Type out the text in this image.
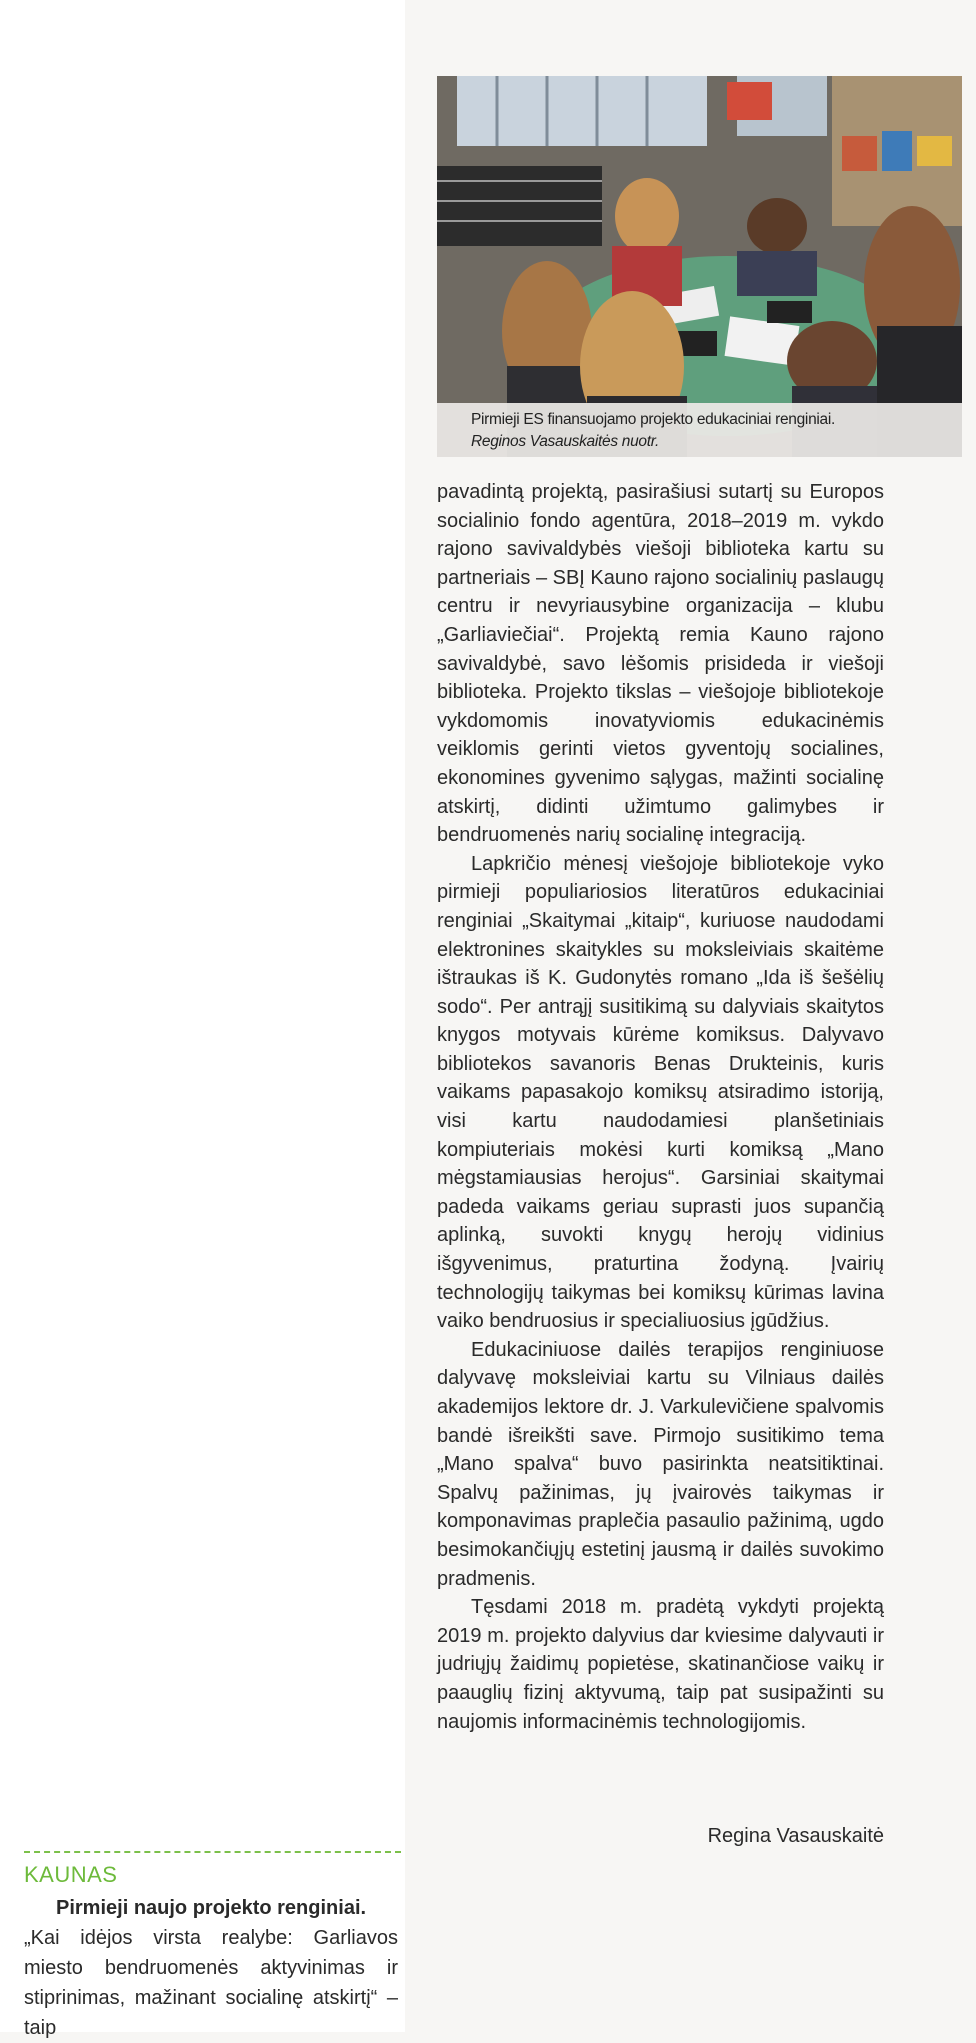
Pirmieji ES finansuojamo projekto edukaciniai renginiai.
Reginos Vasauskaitės nuotr.

pavadintą projektą, pasirašiusi sutartį su Europos socialinio fondo agentūra, 2018–2019 m. vykdo rajono savivaldybės viešoji biblioteka kartu su partneriais – SBĮ Kauno rajono socialinių paslaugų centru ir nevyriausybine organizacija – klubu „Garliaviečiai“. Projektą remia Kauno rajono savivaldybė, savo lėšomis prisideda ir viešoji biblioteka. Projekto tikslas – viešojoje bibliotekoje vykdomomis inovatyviomis edukacinėmis veiklomis gerinti vietos gyventojų socialines, ekonomines gyvenimo sąlygas, mažinti socialinę atskirtį, didinti užimtumo galimybes ir bendruomenės narių socialinę integraciją.

Lapkričio mėnesį viešojoje bibliotekoje vyko pirmieji populiariosios literatūros edukaciniai renginiai „Skaitymai „kitaip“, kuriuose naudodami elektronines skaitykles su moksleiviais skaitėme ištraukas iš K. Gudonytės romano „Ida iš šešėlių sodo“. Per antrąjį susitikimą su dalyviais skaitytos knygos motyvais kūrėme komiksus. Dalyvavo bibliotekos savanoris Benas Drukteinis, kuris vaikams papasakojo komiksų atsiradimo istoriją, visi kartu naudodamiesi planšetiniais kompiuteriais mokėsi kurti komiksą „Mano mėgstamiausias herojus“. Garsiniai skaitymai padeda vaikams geriau suprasti juos supančią aplinką, suvokti knygų herojų vidinius išgyvenimus, praturtina žodyną. Įvairių technologijų taikymas bei komiksų kūrimas lavina vaiko bendruosius ir specialiuosius įgūdžius.

Edukaciniuose dailės terapijos renginiuose dalyvavę moksleiviai kartu su Vilniaus dailės akademijos lektore dr. J. Varkulevičiene spalvomis bandė išreikšti save. Pirmojo susitikimo tema „Mano spalva“ buvo pasirinkta neatsitiktinai. Spalvų pažinimas, jų įvairovės taikymas ir komponavimas praplečia pasaulio pažinimą, ugdo besimokančiųjų estetinį jausmą ir dailės suvokimo pradmenis.

Tęsdami 2018 m. pradėtą vykdyti projektą 2019 m. projekto dalyvius dar kviesime dalyvauti ir judriųjų žaidimų popietėse, skatinančiose vaikų ir paauglių fizinį aktyvumą, taip pat susipažinti su naujomis informacinėmis technologijomis.

Regina Vasauskaitė
KAUNAS
Pirmieji naujo projekto renginiai.
„Kai idėjos virsta realybe: Garliavos miesto bendruomenės aktyvinimas ir stiprinimas, mažinant socialinę atskirtį“ – taip
